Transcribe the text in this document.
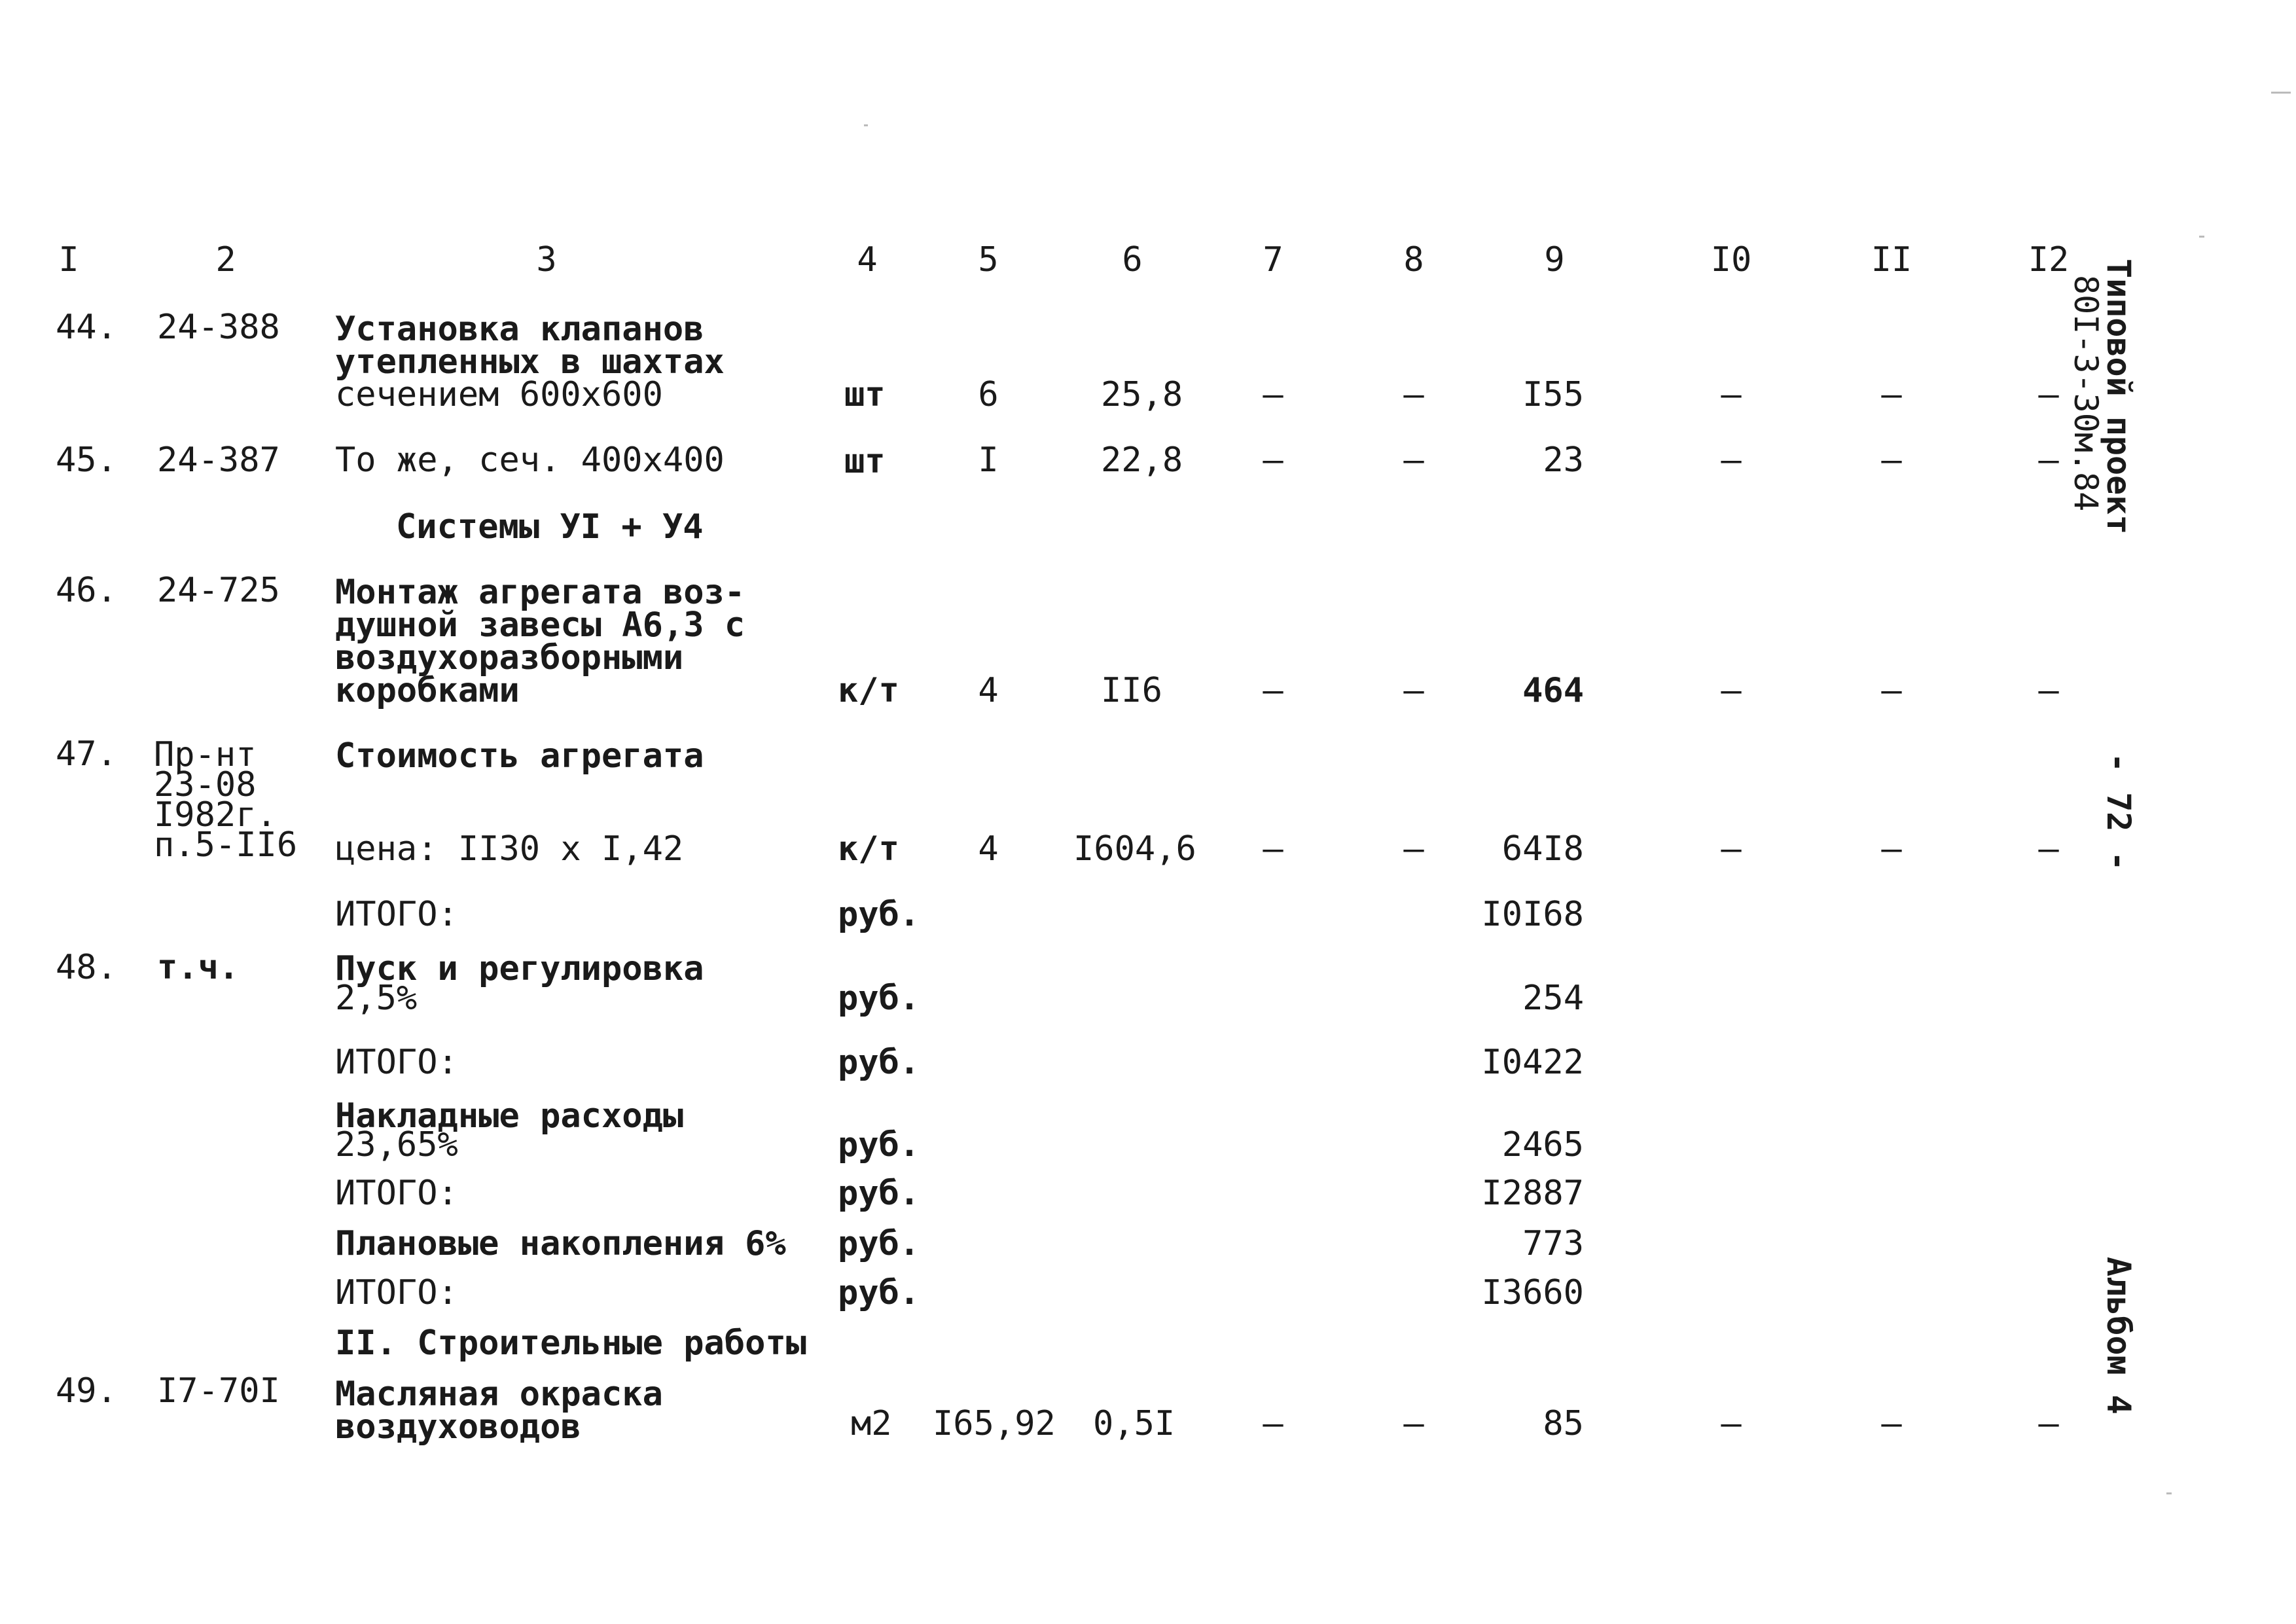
I	2	3	4	5	6	7	8	9	I0	II	I2
44. 24-388 Установка клапанов
утепленных в шахтах
сечением 600х600	шт	6	25,8	–	–	I55	–	–	–
45. 24-387 То же, сеч. 400х400	шт	I	22,8	–	–	23	–	–	–
Системы УI + У4
46. 24-725 Монтаж агрегата воз-
душной завесы А6,3 с
воздухоразборными
коробками	к/т	4	II6	–	–	464	–	–	–
47. Пр-нт
23-08
I982г.
п.5-II6
Стоимость агрегата
цена: II30 х I,42	к/т	4	I604,6	–	–	64I8	–	–	–
ИТОГО:	руб.	I0I68
48. т.ч.	Пуск и регулировка
2,5%	руб.	254
ИТОГО:	руб.	I0422
Накладные расходы
23,65%	руб.	2465
ИТОГО:	руб.	I2887
Плановые накопления 6% руб.	773
ИТОГО:	руб.	I3660
II. Строительные работы
49. I7-70I Масляная окраска
воздуховодов	м2 I65,92 0,5I	–	–	85	–	–	–
Типовой проект
80I-3-30м.84
- 72 -
Альбом 4
